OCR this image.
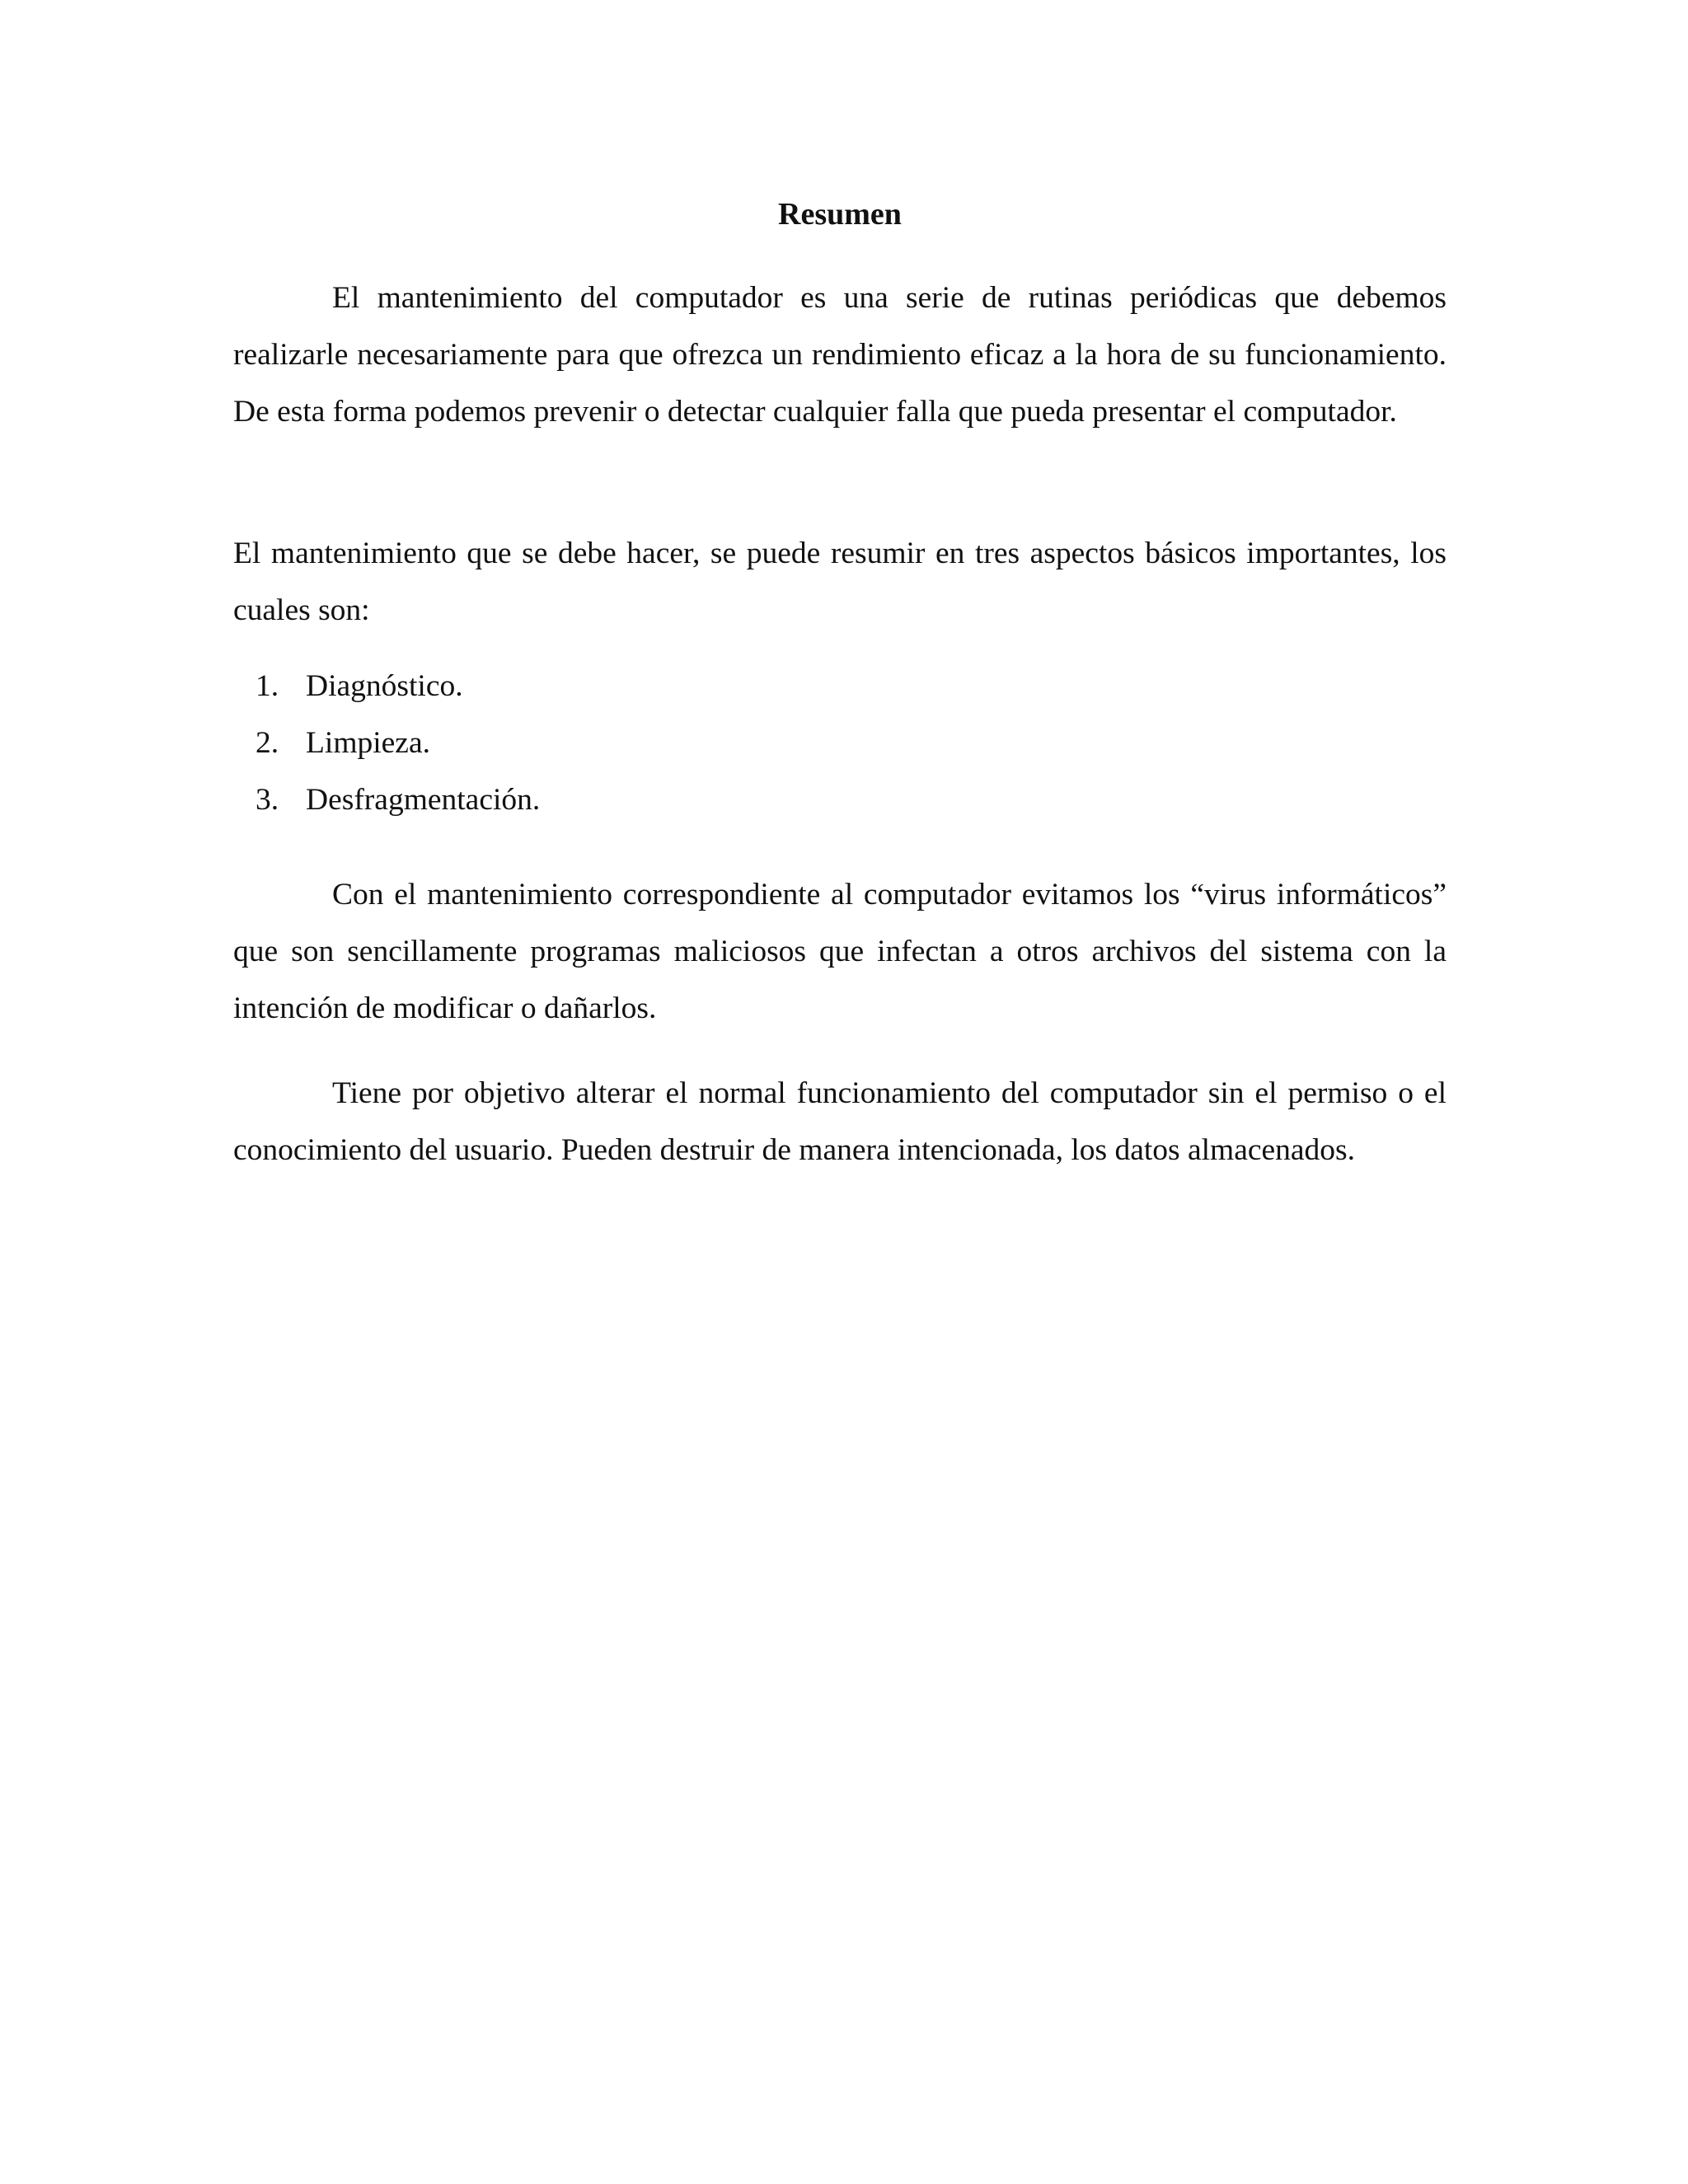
Resumen

El mantenimiento del computador es una serie de rutinas periódicas que debemos realizarle necesariamente para que ofrezca un rendimiento eficaz a la hora de su funcionamiento. De esta forma podemos prevenir o detectar cualquier falla que pueda presentar el computador.

El mantenimiento que se debe hacer, se puede resumir en tres aspectos básicos importantes, los cuales son:

1. Diagnóstico.
2. Limpieza.
3. Desfragmentación.

Con el mantenimiento correspondiente al computador evitamos los “virus informáticos” que son sencillamente programas maliciosos que infectan a otros archivos del sistema con la intención de modificar o dañarlos.

Tiene por objetivo alterar el normal funcionamiento del computador sin el permiso o el conocimiento del usuario. Pueden destruir de manera intencionada, los datos almacenados.
